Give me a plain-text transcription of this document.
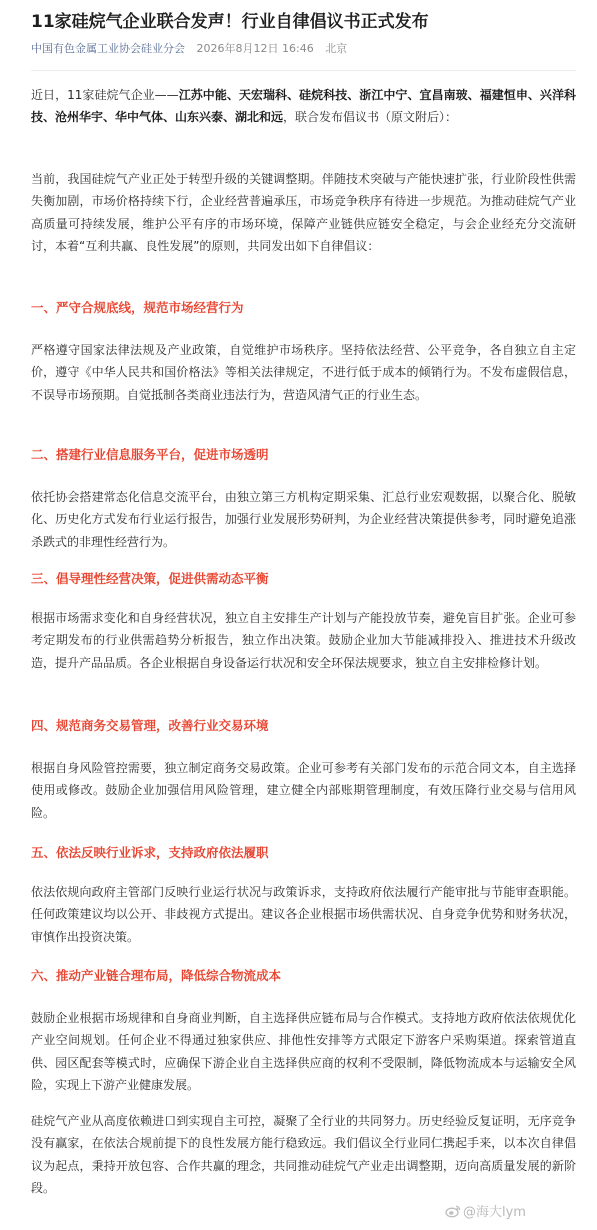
11家硅烷气企业联合发声！行业自律倡议书正式发布
中国有色金属工业协会硅业分会 2026年8月12日 16:46 北京
近日，11家硅烷气企业——江苏中能、天宏瑞科、硅烷科技、浙江中宁、宜昌南玻、福建恒申、兴洋科技、沧州华宇、华中气体、山东兴泰、湖北和远，联合发布倡议书（原文附后）：
当前，我国硅烷气产业正处于转型升级的关键调整期。伴随技术突破与产能快速扩张，行业阶段性供需失衡加剧，市场价格持续下行，企业经营普遍承压，市场竞争秩序有待进一步规范。为推动硅烷气产业高质量可持续发展，维护公平有序的市场环境，保障产业链供应链安全稳定，与会企业经充分交流研讨，本着“互利共赢、良性发展”的原则，共同发出如下自律倡议：
一、严守合规底线，规范市场经营行为
严格遵守国家法律法规及产业政策，自觉维护市场秩序。坚持依法经营、公平竞争，各自独立自主定价，遵守《中华人民共和国价格法》等相关法律规定，不进行低于成本的倾销行为。不发布虚假信息，不误导市场预期。自觉抵制各类商业违法行为，营造风清气正的行业生态。
二、搭建行业信息服务平台，促进市场透明
依托协会搭建常态化信息交流平台，由独立第三方机构定期采集、汇总行业宏观数据，以聚合化、脱敏化、历史化方式发布行业运行报告，加强行业发展形势研判，为企业经营决策提供参考，同时避免追涨杀跌式的非理性经营行为。
三、倡导理性经营决策，促进供需动态平衡
根据市场需求变化和自身经营状况，独立自主安排生产计划与产能投放节奏，避免盲目扩张。企业可参考定期发布的行业供需趋势分析报告，独立作出决策。鼓励企业加大节能减排投入、推进技术升级改造，提升产品品质。各企业根据自身设备运行状况和安全环保法规要求，独立自主安排检修计划。
四、规范商务交易管理，改善行业交易环境
根据自身风险管控需要，独立制定商务交易政策。企业可参考有关部门发布的示范合同文本，自主选择使用或修改。鼓励企业加强信用风险管理，建立健全内部账期管理制度，有效压降行业交易与信用风险。
五、依法反映行业诉求，支持政府依法履职
依法依规向政府主管部门反映行业运行状况与政策诉求，支持政府依法履行产能审批与节能审查职能。任何政策建议均以公开、非歧视方式提出。建议各企业根据市场供需状况、自身竞争优势和财务状况，审慎作出投资决策。
六、推动产业链合理布局，降低综合物流成本
鼓励企业根据市场规律和自身商业判断，自主选择供应链布局与合作模式。支持地方政府依法依规优化产业空间规划。任何企业不得通过独家供应、排他性安排等方式限定下游客户采购渠道。探索管道直供、园区配套等模式时，应确保下游企业自主选择供应商的权利不受限制，降低物流成本与运输安全风险，实现上下游产业健康发展。
硅烷气产业从高度依赖进口到实现自主可控，凝聚了全行业的共同努力。历史经验反复证明，无序竞争没有赢家，在依法合规前提下的良性发展方能行稳致远。我们倡议全行业同仁携起手来，以本次自律倡议为起点，秉持开放包容、合作共赢的理念，共同推动硅烷气产业走出调整期，迈向高质量发展的新阶段。
@海大lym
